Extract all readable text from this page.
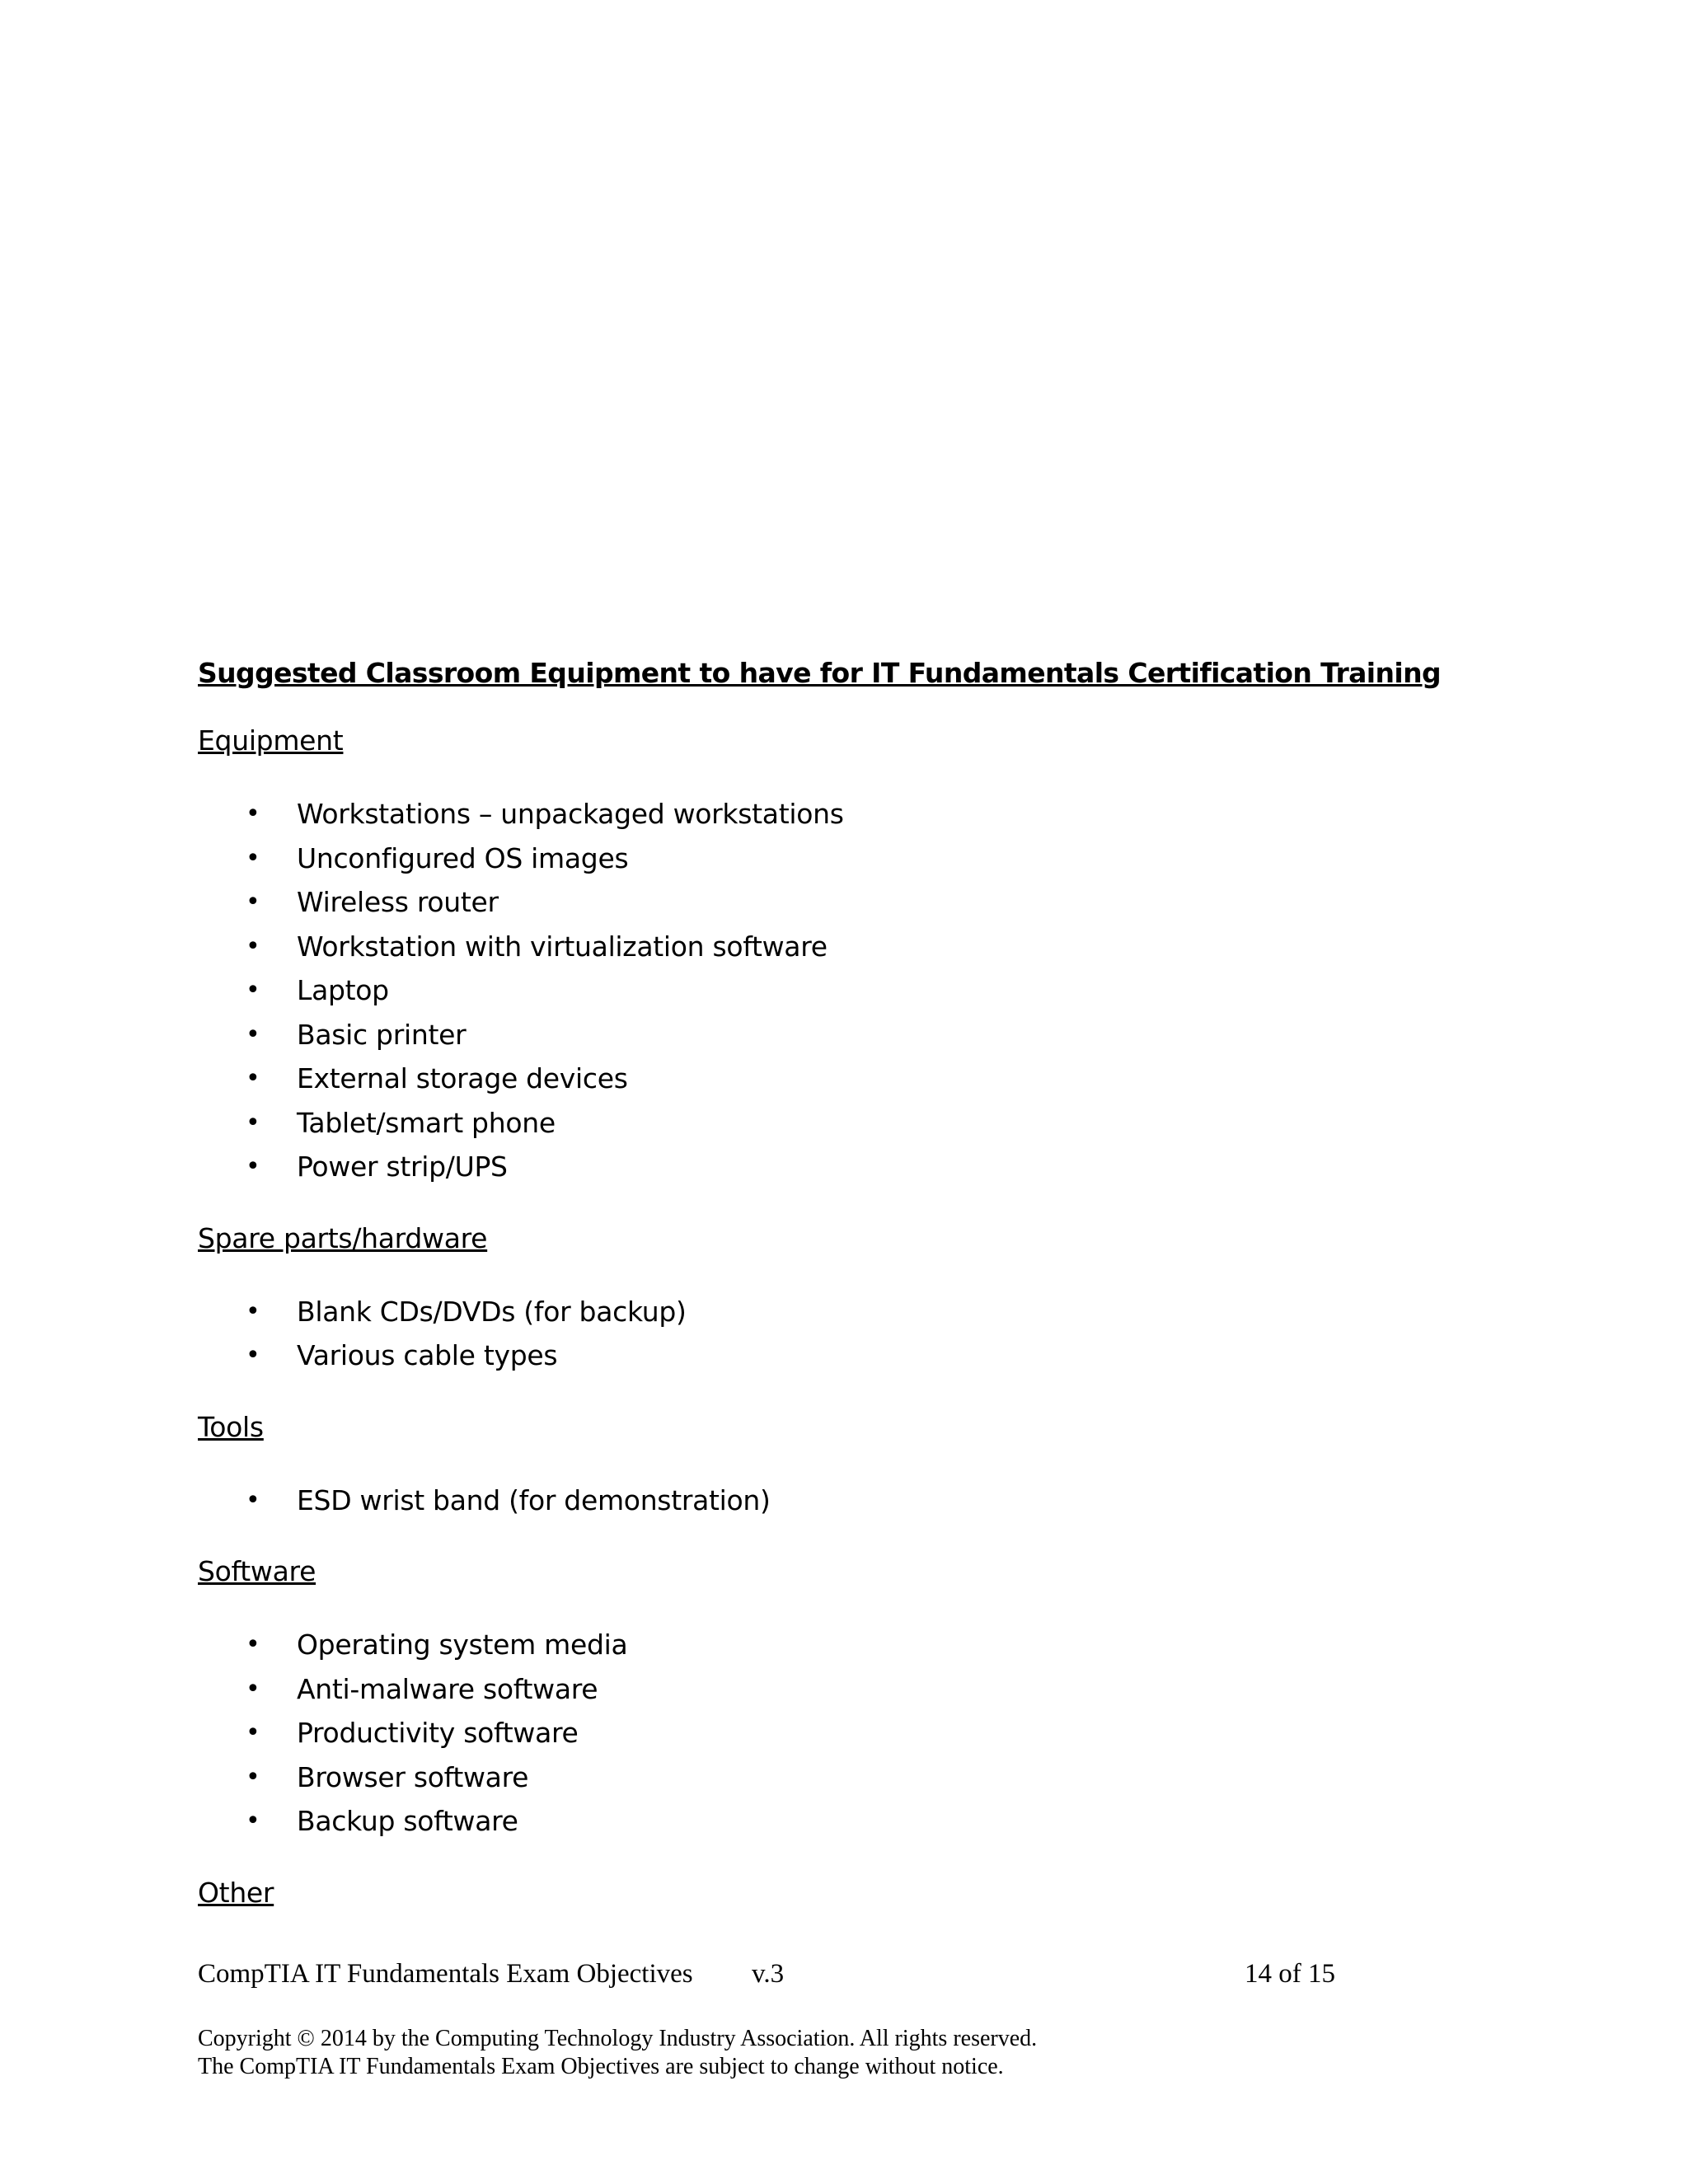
Suggested Classroom Equipment to have for IT Fundamentals Certification Training
Equipment
• Workstations – unpackaged workstations
• Unconfigured OS images
• Wireless router
• Workstation with virtualization software
• Laptop
• Basic printer
• External storage devices
• Tablet/smart phone
• Power strip/UPS
Spare parts/hardware
• Blank CDs/DVDs (for backup)
• Various cable types
Tools
• ESD wrist band (for demonstration)
Software
• Operating system media
• Anti-malware software
• Productivity software
• Browser software
• Backup software
Other
CompTIA IT Fundamentals Exam Objectives v.3	14 of 15
Copyright © 2014 by the Computing Technology Industry Association. All rights reserved.
The CompTIA IT Fundamentals Exam Objectives are subject to change without notice.
